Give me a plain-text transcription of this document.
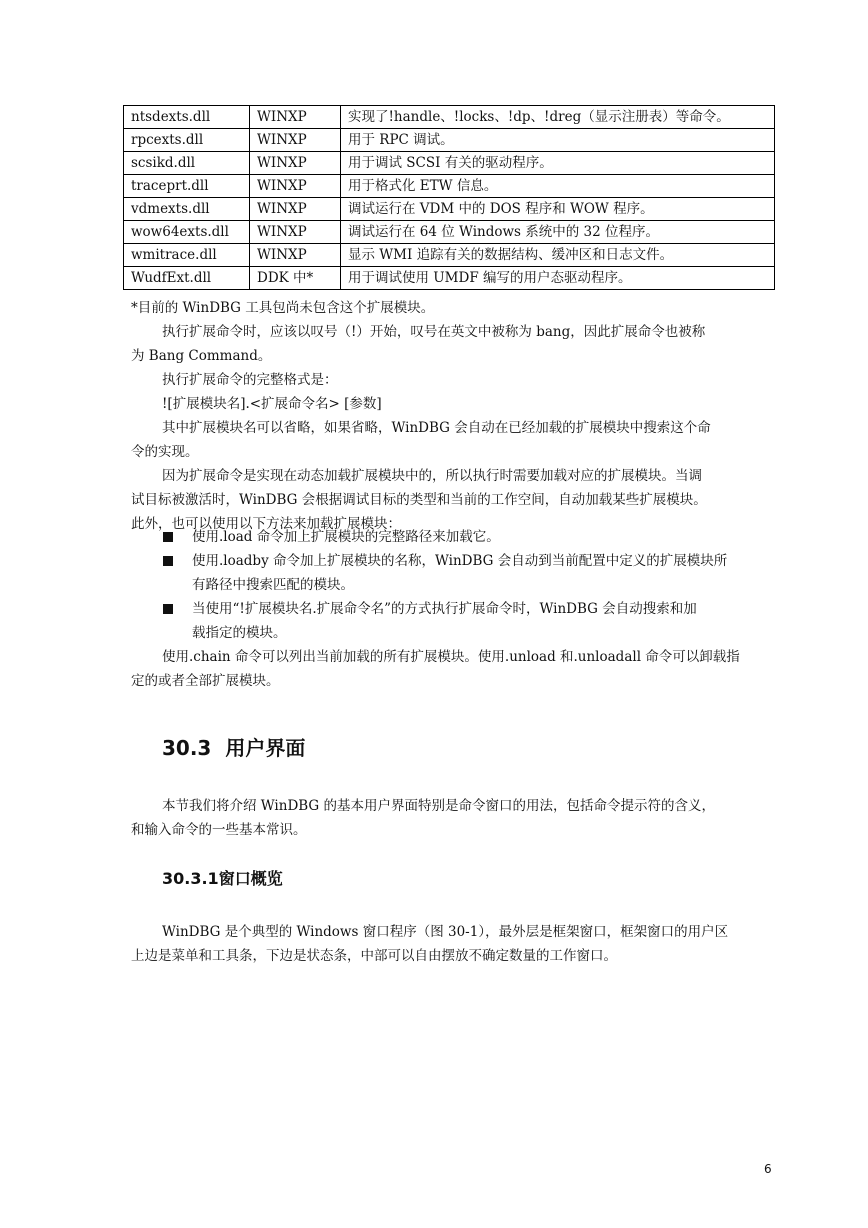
ntsdexts.dll	WINXP	实现了!handle、!locks、!dp、!dreg（显示注册表）等命令。
rpcexts.dll	WINXP	用于 RPC 调试。
scsikd.dll	WINXP	用于调试 SCSI 有关的驱动程序。
traceprt.dll	WINXP	用于格式化 ETW 信息。
vdmexts.dll	WINXP	调试运行在 VDM 中的 DOS 程序和 WOW 程序。
wow64exts.dll	WINXP	调试运行在 64 位 Windows 系统中的 32 位程序。
wmitrace.dll	WINXP	显示 WMI 追踪有关的数据结构、缓冲区和日志文件。
WudfExt.dll	DDK 中*	用于调试使用 UMDF 编写的用户态驱动程序。
*目前的 WinDBG 工具包尚未包含这个扩展模块。
执行扩展命令时，应该以叹号（!）开始，叹号在英文中被称为 bang，因此扩展命令也被称
为 Bang Command。
执行扩展命令的完整格式是：
![扩展模块名].<扩展命令名> [参数]
其中扩展模块名可以省略，如果省略，WinDBG 会自动在已经加载的扩展模块中搜索这个命
令的实现。
因为扩展命令是实现在动态加载扩展模块中的，所以执行时需要加载对应的扩展模块。当调
试目标被激活时，WinDBG 会根据调试目标的类型和当前的工作空间，自动加载某些扩展模块。
此外，也可以使用以下方法来加载扩展模块：
使用.load 命令加上扩展模块的完整路径来加载它。
使用.loadby 命令加上扩展模块的名称，WinDBG 会自动到当前配置中定义的扩展模块所
有路径中搜索匹配的模块。
当使用“!扩展模块名.扩展命令名”的方式执行扩展命令时，WinDBG 会自动搜索和加
载指定的模块。
使用.chain 命令可以列出当前加载的所有扩展模块。使用.unload 和.unloadall 命令可以卸载指
定的或者全部扩展模块。
30.3 用户界面
本节我们将介绍 WinDBG 的基本用户界面特别是命令窗口的用法，包括命令提示符的含义，
和输入命令的一些基本常识。
30.3.1窗口概览
WinDBG 是个典型的 Windows 窗口程序（图 30-1），最外层是框架窗口，框架窗口的用户区
上边是菜单和工具条，下边是状态条，中部可以自由摆放不确定数量的工作窗口。
6
